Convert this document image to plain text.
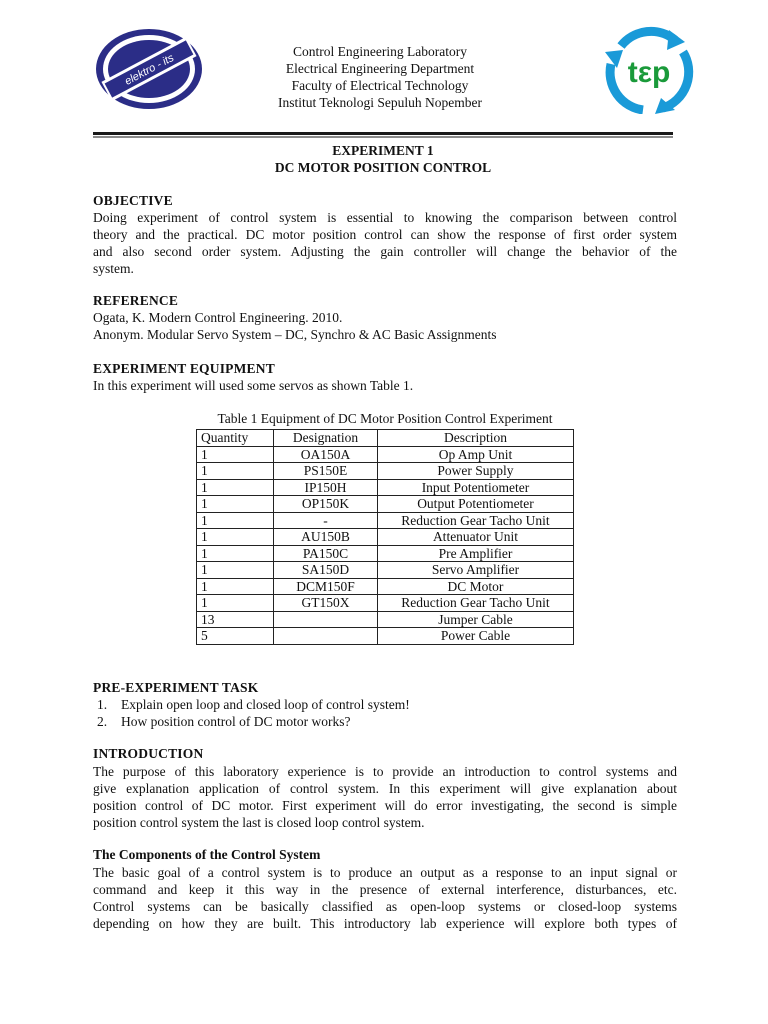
elektro - its
Control Engineering Laboratory
Electrical Engineering Department
Faculty of Electrical Technology
Institut Teknologi Sepuluh Nopember
tεp
EXPERIMENT 1
DC MOTOR POSITION CONTROL
OBJECTIVE
Doing experiment of control system is essential to knowing the comparison between control
theory and the practical. DC motor position control can show the response of first order system
and also second order system. Adjusting the gain controller will change the behavior of the
system.
REFERENCE
Ogata, K. Modern Control Engineering. 2010.
Anonym. Modular Servo System – DC, Synchro & AC Basic Assignments
EXPERIMENT EQUIPMENT
In this experiment will used some servos as shown Table 1.
Table 1 Equipment of DC Motor Position Control Experiment
Quantity	Designation	Description
1	OA150A	Op Amp Unit
1	PS150E	Power Supply
1	IP150H	Input Potentiometer
1	OP150K	Output Potentiometer
1	-	Reduction Gear Tacho Unit
1	AU150B	Attenuator Unit
1	PA150C	Pre Amplifier
1	SA150D	Servo Amplifier
1	DCM150F	DC Motor
1	GT150X	Reduction Gear Tacho Unit
13		Jumper Cable
5		Power Cable
PRE-EXPERIMENT TASK
1. Explain open loop and closed loop of control system!
2. How position control of DC motor works?
INTRODUCTION
The purpose of this laboratory experience is to provide an introduction to control systems and
give explanation application of control system. In this experiment will give explanation about
position control of DC motor. First experiment will do error investigating, the second is simple
position control system the last is closed loop control system.
The Components of the Control System
The basic goal of a control system is to produce an output as a response to an input signal or
command and keep it this way in the presence of external interference, disturbances, etc.
Control systems can be basically classified as open-loop systems or closed-loop systems
depending on how they are built. This introductory lab experience will explore both types of
